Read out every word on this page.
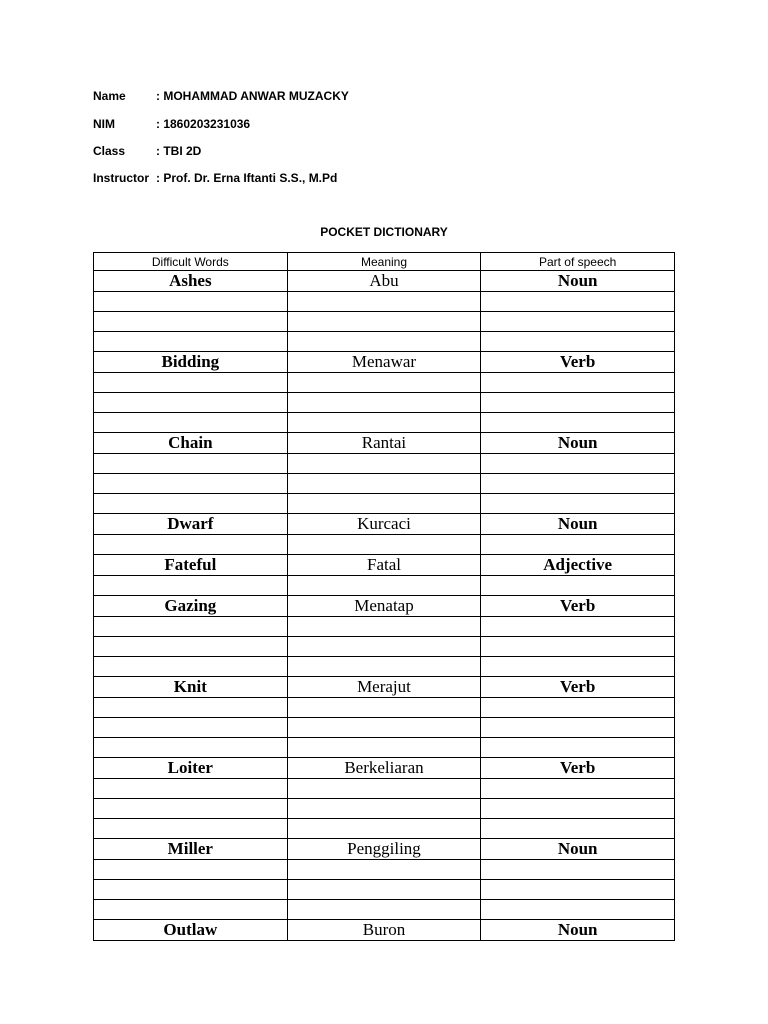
Name	: MOHAMMAD ANWAR MUZACKY
NIM	: 1860203231036
Class	: TBI 2D
Instructor : Prof. Dr. Erna Iftanti S.S., M.Pd
POCKET DICTIONARY
Difficult Words	Meaning	Part of speech
Ashes	Abu	Noun

Bidding	Menawar	Verb

Chain	Rantai	Noun

Dwarf	Kurcaci	Noun

Fateful	Fatal	Adjective

Gazing	Menatap	Verb

Knit	Merajut	Verb

Loiter	Berkeliaran	Verb

Miller	Penggiling	Noun

Outlaw	Buron	Noun
